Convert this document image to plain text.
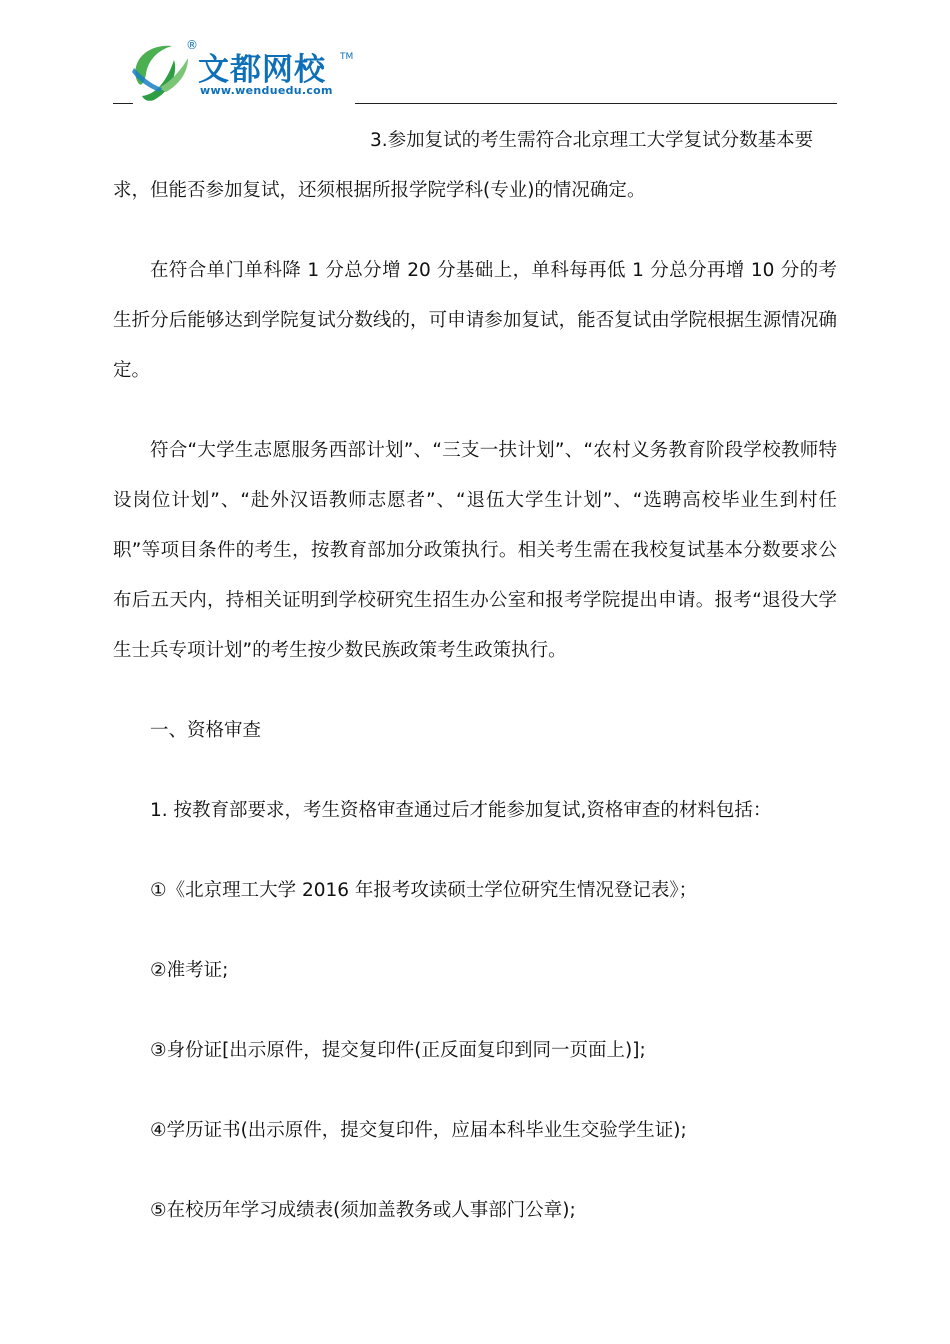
®
文都网校 TM
www.wenduedu.com

3.参加复试的考生需符合北京理工大学复试分数基本要

求，但能否参加复试，还须根据所报学院学科(专业)的情况确定。

在符合单门单科降 1 分总分增 20 分基础上，单科每再低 1 分总分再增 10 分的考生折分后能够达到学院复试分数线的，可申请参加复试，能否复试由学院根据生源情况确定。

符合“大学生志愿服务西部计划”、“三支一扶计划”、“农村义务教育阶段学校教师特设岗位计划”、“赴外汉语教师志愿者”、“退伍大学生计划”、“选聘高校毕业生到村任职”等项目条件的考生，按教育部加分政策执行。相关考生需在我校复试基本分数要求公布后五天内，持相关证明到学校研究生招生办公室和报考学院提出申请。报考“退役大学生士兵专项计划”的考生按少数民族政策考生政策执行。

一、资格审查

1. 按教育部要求，考生资格审查通过后才能参加复试,资格审查的材料包括：

①《北京理工大学 2016 年报考攻读硕士学位研究生情况登记表》；

②准考证;

③身份证[出示原件，提交复印件(正反面复印到同一页面上)];

④学历证书(出示原件，提交复印件，应届本科毕业生交验学生证);

⑤在校历年学习成绩表(须加盖教务或人事部门公章);
